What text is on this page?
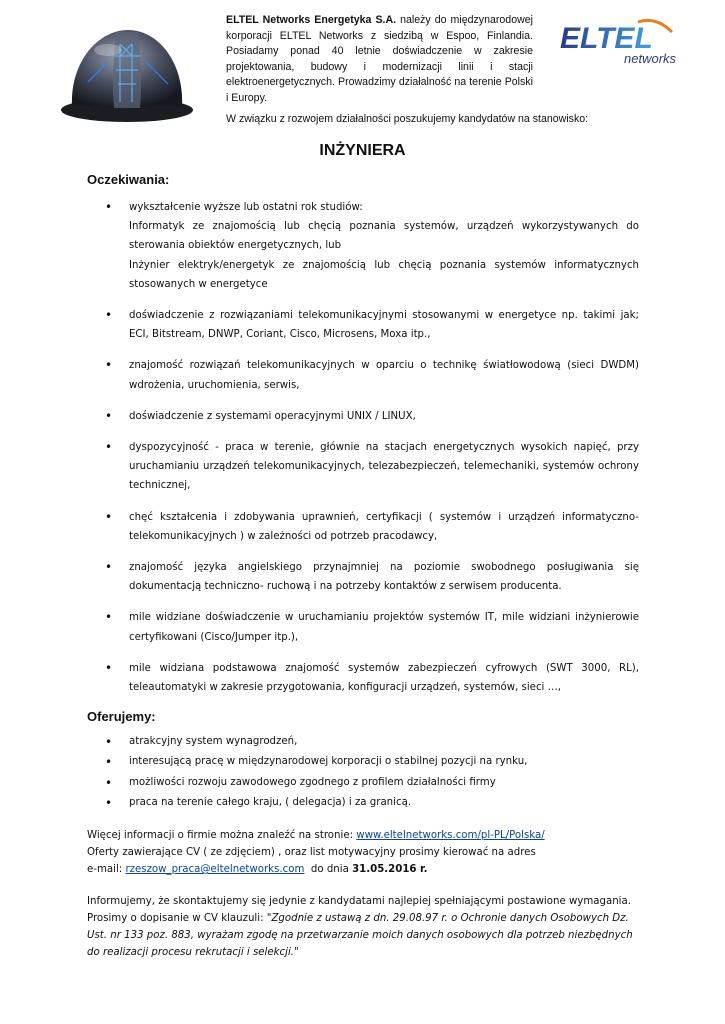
ELTEL
networks
ELTEL Networks Energetyka S.A. należy do międzynarodowej korporacji ELTEL Networks z siedzibą w Espoo, Finlandia. Posiadamy ponad 40 letnie doświadczenie w zakresie projektowania, budowy i modernizacji linii i stacji elektroenergetycznych. Prowadzimy działalność na terenie Polski i Europy.
W związku z rozwojem działalności poszukujemy kandydatów na stanowisko:
INŻYNIERA
Oczekiwania:
• wykształcenie wyższe lub ostatni rok studiów:
Informatyk ze znajomością lub chęcią poznania systemów, urządzeń wykorzystywanych do sterowania obiektów energetycznych, lub
Inżynier elektryk/energetyk ze znajomością lub chęcią poznania systemów informatycznych stosowanych w energetyce
• doświadczenie z rozwiązaniami telekomunikacyjnymi stosowanymi w energetyce np. takimi jak; ECI, Bitstream, DNWP, Coriant, Cisco, Microsens, Moxa itp.,
• znajomość rozwiązań telekomunikacyjnych w oparciu o technikę światłowodową (sieci DWDM) wdrożenia, uruchomienia, serwis,
• doświadczenie z systemami operacyjnymi UNIX / LINUX,
• dyspozycyjność - praca w terenie, głównie na stacjach energetycznych wysokich napięć, przy uruchamianiu urządzeń telekomunikacyjnych, telezabezpieczeń, telemechaniki, systemów ochrony technicznej,
• chęć kształcenia i zdobywania uprawnień, certyfikacji ( systemów i urządzeń informatyczno-telekomunikacyjnych ) w zależności od potrzeb pracodawcy,
• znajomość języka angielskiego przynajmniej na poziomie swobodnego posługiwania się dokumentacją techniczno- ruchową i na potrzeby kontaktów z serwisem producenta.
• mile widziane doświadczenie w uruchamianiu projektów systemów IT, mile widziani inżynierowie certyfikowani (Cisco/Jumper itp.),
• mile widziana podstawowa znajomość systemów zabezpieczeń cyfrowych (SWT 3000, RL), teleautomatyki w zakresie przygotowania, konfiguracji urządzeń, systemów, sieci …,
Oferujemy:
• atrakcyjny system wynagrodzeń,
• interesującą pracę w międzynarodowej korporacji o stabilnej pozycji na rynku,
• możliwości rozwoju zawodowego zgodnego z profilem działalności firmy
• praca na terenie całego kraju, ( delegacja) i za granicą.
Więcej informacji o firmie można znaleźć na stronie: www.eltelnetworks.com/pl-PL/Polska/
Oferty zawierające CV ( ze zdjęciem) , oraz list motywacyjny prosimy kierować na adres
e-mail: rzeszow_praca@eltelnetworks.com do dnia 31.05.2016 r.
Informujemy, że skontaktujemy się jedynie z kandydatami najlepiej spełniającymi postawione wymagania.
Prosimy o dopisanie w CV klauzuli: "Zgodnie z ustawą z dn. 29.08.97 r. o Ochronie danych Osobowych Dz. Ust. nr 133 poz. 883, wyrażam zgodę na przetwarzanie moich danych osobowych dla potrzeb niezbędnych do realizacji procesu rekrutacji i selekcji."
